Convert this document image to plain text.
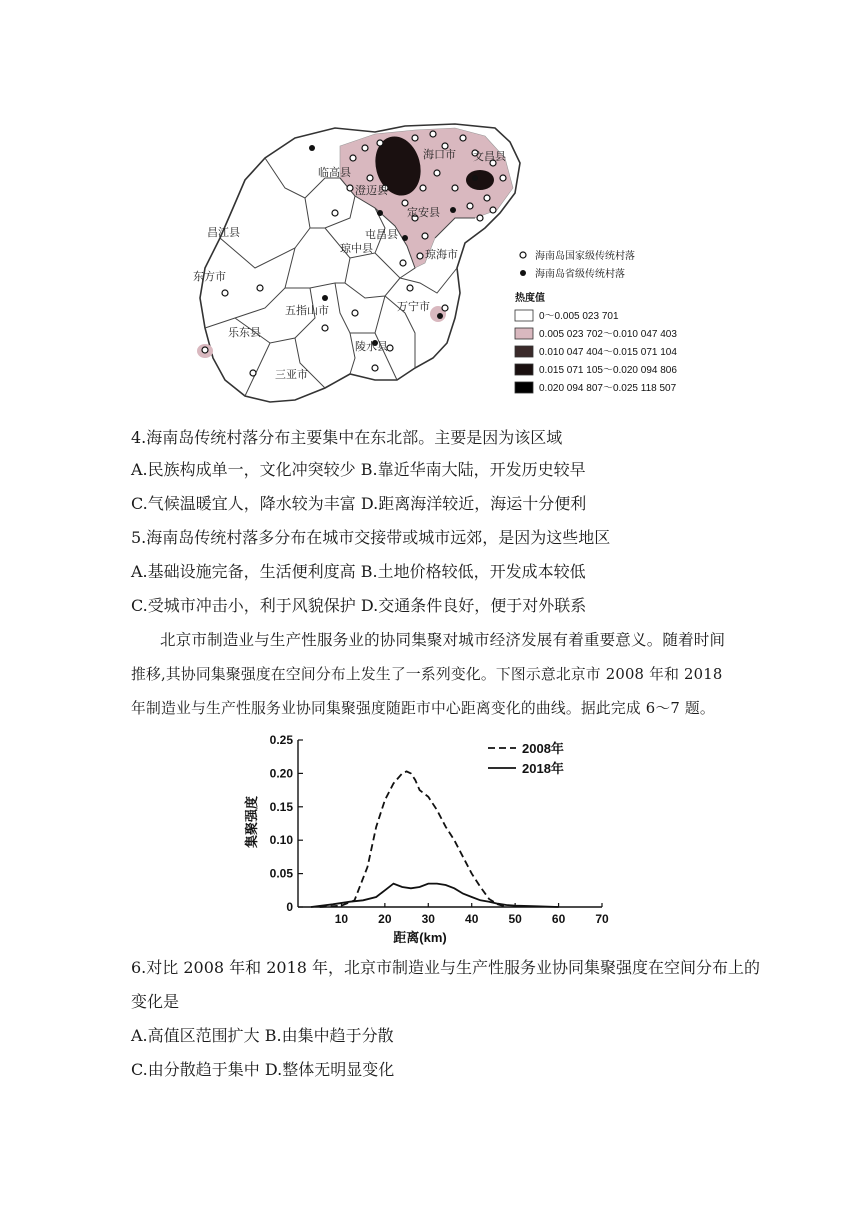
海口市 文昌县
临高县
澄迈县
定安县
屯昌县
琼海市
昌江县
琼中县
东方市
五指山市	万宁市
乐东县
陵水县
三亚市
海南岛国家级传统村落
海南岛省级传统村落
热度值
0～0.005 023 701
0.005 023 702～0.010 047 403
0.010 047 404～0.015 071 104
0.015 071 105～0.020 094 806
0.020 094 807～0.025 118 507
4.海南岛传统村落分布主要集中在东北部。主要是因为该区域
A.民族构成单一，文化冲突较少 B.靠近华南大陆，开发历史较早
C.气候温暖宜人，降水较为丰富 D.距离海洋较近，海运十分便利
5.海南岛传统村落多分布在城市交接带或城市远郊，是因为这些地区
A.基础设施完备，生活便利度高 B.土地价格较低，开发成本较低
C.受城市冲击小，利于风貌保护 D.交通条件良好，便于对外联系
北京市制造业与生产性服务业的协同集聚对城市经济发展有着重要意义。随着时间
推移,其协同集聚强度在空间分布上发生了一系列变化。下图示意北京市 2008 年和 2018
年制造业与生产性服务业协同集聚强度随距市中心距离变化的曲线。据此完成 6～7 题。
0
0.05
0.10
0.15
0.20
0.25
10	20	30	40	50	60	70
2008年
2018年
距离(km)
集聚强度
6.对比 2008 年和 2018 年，北京市制造业与生产性服务业协同集聚强度在空间分布上的
变化是
A.高值区范围扩大 B.由集中趋于分散
C.由分散趋于集中 D.整体无明显变化
